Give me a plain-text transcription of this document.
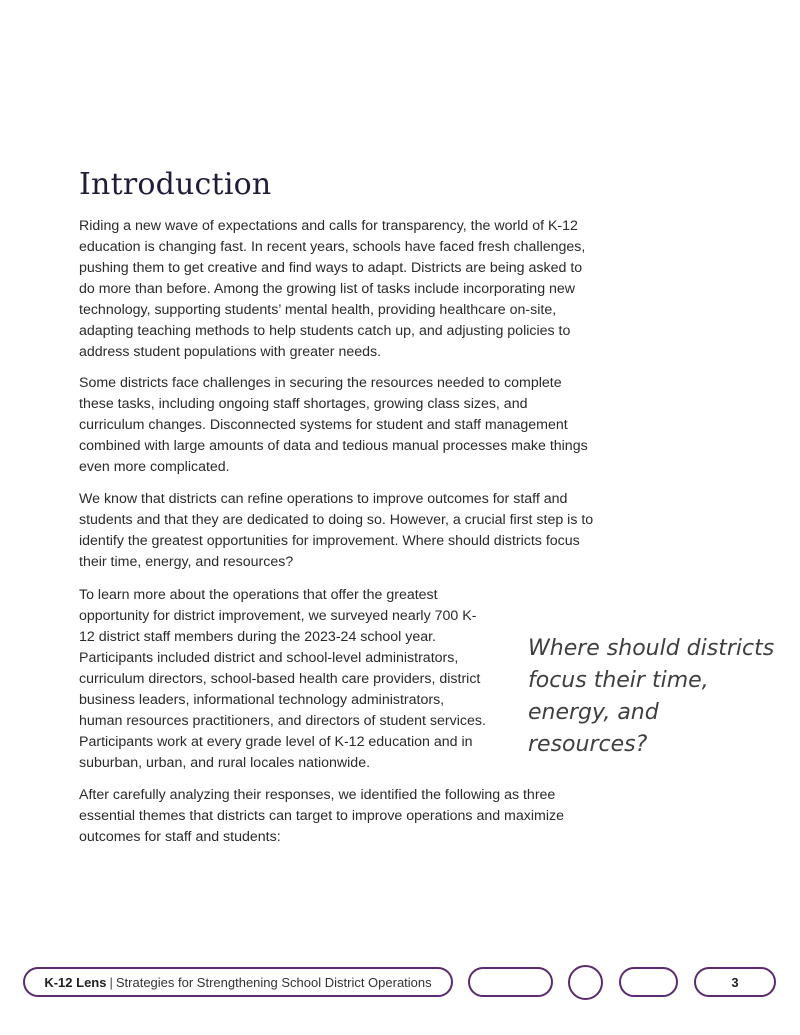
Introduction

Riding a new wave of expectations and calls for transparency, the world of K-12 education is changing fast. In recent years, schools have faced fresh challenges, pushing them to get creative and find ways to adapt. Districts are being asked to do more than before. Among the growing list of tasks include incorporating new technology, supporting students’ mental health, providing healthcare on-site, adapting teaching methods to help students catch up, and adjusting policies to address student populations with greater needs.

Some districts face challenges in securing the resources needed to complete these tasks, including ongoing staff shortages, growing class sizes, and curriculum changes. Disconnected systems for student and staff management combined with large amounts of data and tedious manual processes make things even more complicated.

We know that districts can refine operations to improve outcomes for staff and students and that they are dedicated to doing so. However, a crucial first step is to identify the greatest opportunities for improvement. Where should districts focus their time, energy, and resources?

To learn more about the operations that offer the greatest opportunity for district improvement, we surveyed nearly 700 K-12 district staff members during the 2023-24 school year. Participants included district and school-level administrators, curriculum directors, school-based health care providers, district business leaders, informational technology administrators, human resources practitioners, and directors of student services. Participants work at every grade level of K-12 education and in suburban, urban, and rural locales nationwide.

After carefully analyzing their responses, we identified the following as three essential themes that districts can target to improve operations and maximize outcomes for staff and students:

Where should districts focus their time, energy, and resources?

K-12 Lens | Strategies for Strengthening School District Operations	3
